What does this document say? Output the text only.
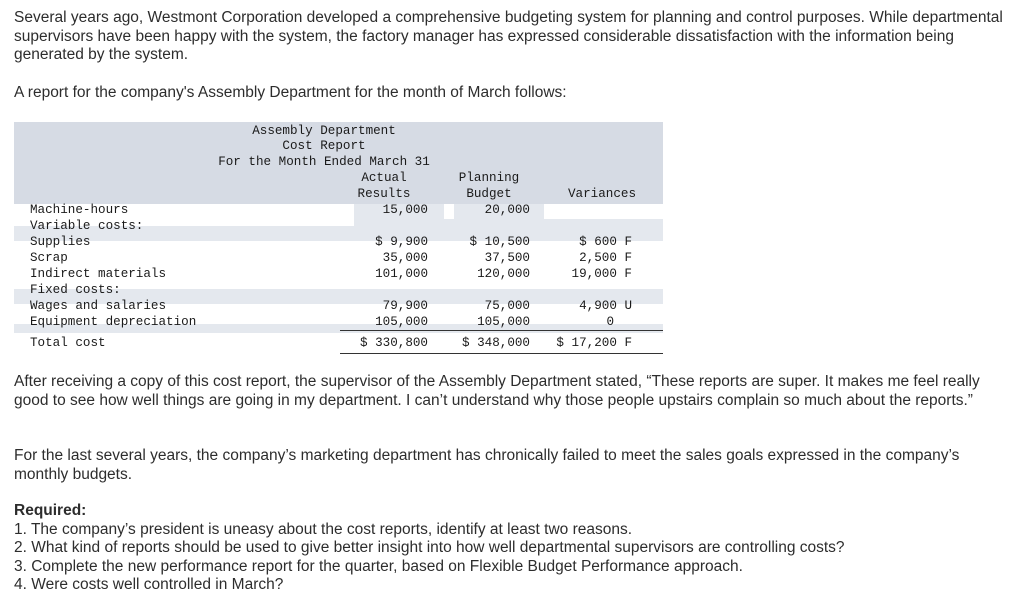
Several years ago, Westmont Corporation developed a comprehensive budgeting system for planning and control purposes. While departmental supervisors have been happy with the system, the factory manager has expressed considerable dissatisfaction with the information being generated by the system.

A report for the company's Assembly Department for the month of March follows:

Assembly Department
Cost Report
For the Month Ended March 31
Actual
Results
Planning
Budget	Variances
Machine-hours
Variable costs:
Supplies
Scrap
Indirect materials
Fixed costs:
Wages and salaries
Equipment depreciation
Total cost
15,000
$ 9,900
35,000
101,000
79,900
105,000
$ 330,800
20,000
$ 10,500
37,500
120,000
75,000
105,000
$ 348,000
$ 600 F
2,500 F
19,000 F
4,900 U
0
$ 17,200 F

After receiving a copy of this cost report, the supervisor of the Assembly Department stated, “These reports are super. It makes me feel really good to see how well things are going in my department. I can’t understand why those people upstairs complain so much about the reports.”

For the last several years, the company’s marketing department has chronically failed to meet the sales goals expressed in the company’s monthly budgets.

Required:
1. The company’s president is uneasy about the cost reports, identify at least two reasons.
2. What kind of reports should be used to give better insight into how well departmental supervisors are controlling costs?
3. Complete the new performance report for the quarter, based on Flexible Budget Performance approach.
4. Were costs well controlled in March?
